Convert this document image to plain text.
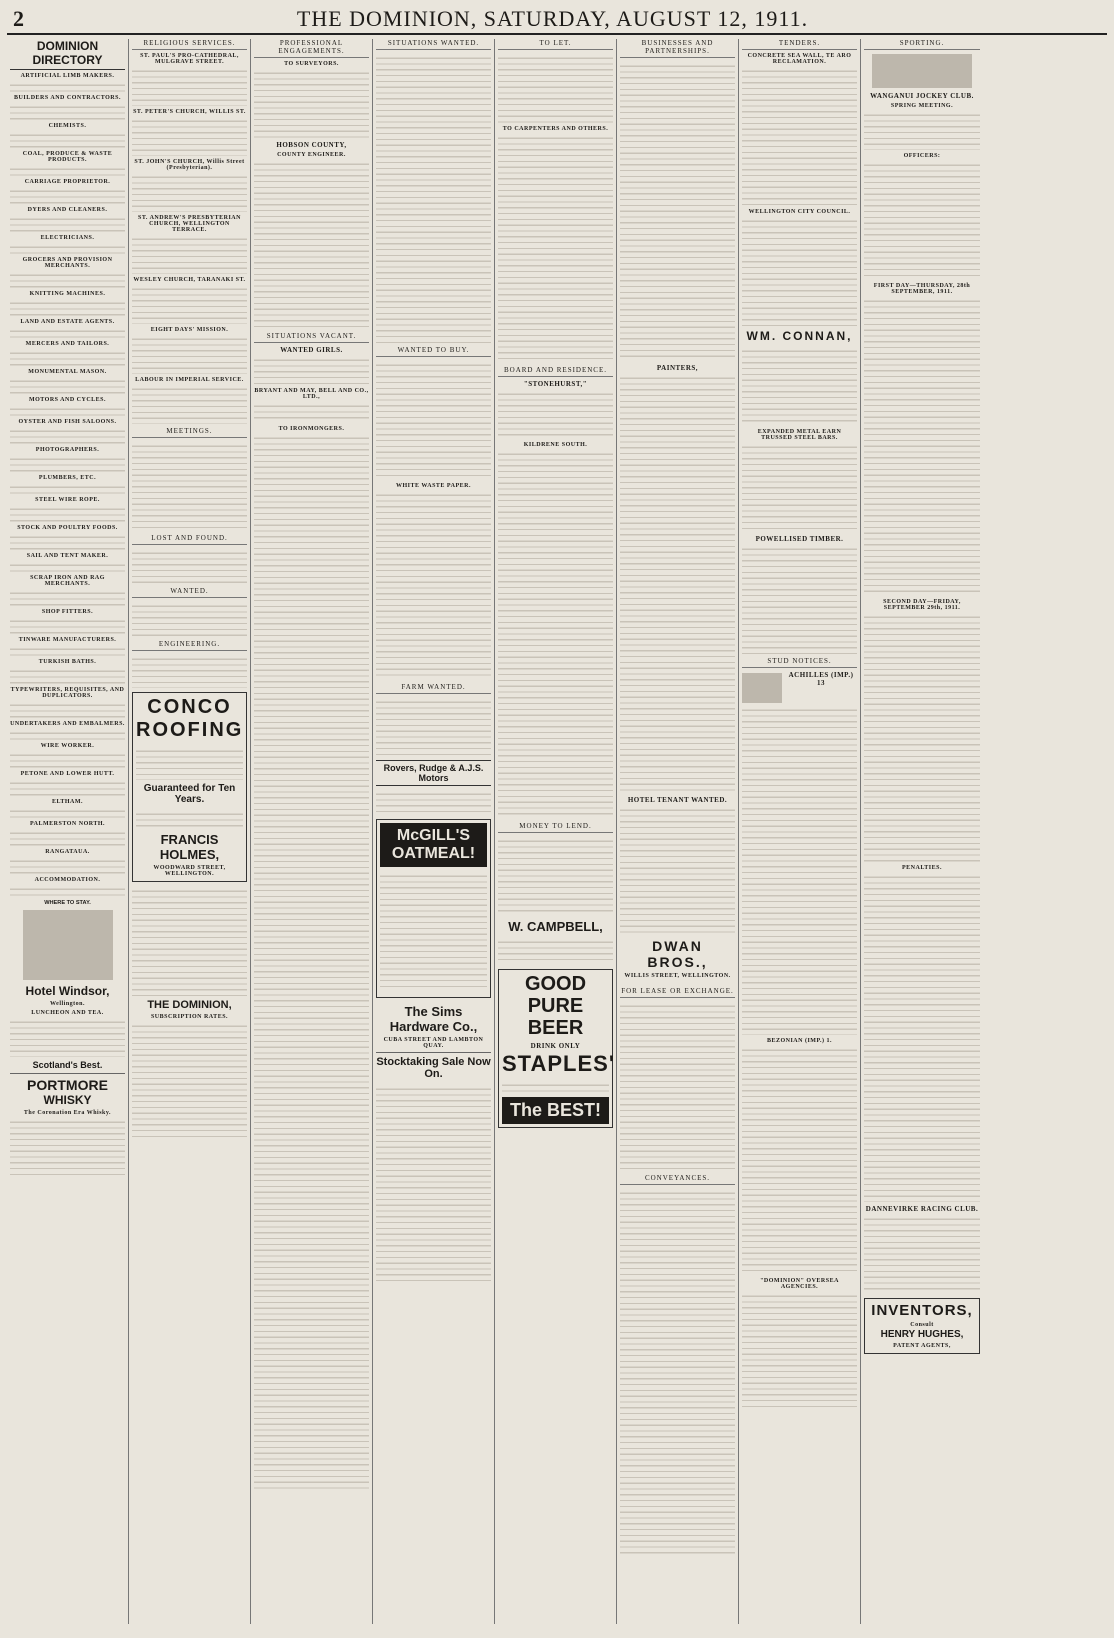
2	THE DOMINION, SATURDAY, AUGUST 12, 1911.
DOMINION DIRECTORY
ARTIFICIAL LIMB MAKERS.
BUILDERS AND CONTRACTORS.
CHEMISTS.
COAL, PRODUCE & WASTE PRODUCTS.
CARRIAGE PROPRIETOR.
DYERS AND CLEANERS.
ELECTRICIANS.
GROCERS AND PROVISION MERCHANTS.
KNITTING MACHINES.
LAND AND ESTATE AGENTS.
MERCERS AND TAILORS.
MONUMENTAL MASON.
MOTORS AND CYCLES.
OYSTER AND FISH SALOONS.
PHOTOGRAPHERS.
PLUMBERS, ETC.
STEEL WIRE ROPE.
STOCK AND POULTRY FOODS.
SAIL AND TENT MAKER.
SCRAP IRON AND RAG MERCHANTS.
SHOP FITTERS.
TINWARE MANUFACTURERS.
TURKISH BATHS.
TYPEWRITERS, REQUISITES, AND DUPLICATORS.
UNDERTAKERS AND EMBALMERS.
WIRE WORKER.
PETONE AND LOWER HUTT.
ELTHAM.
PALMERSTON NORTH.
RANGATAUA.
ACCOMMODATION.
WHERE TO STAY.
Hotel Windsor,
Wellington.
LUNCHEON AND TEA.
Scotland's Best.
PORTMORE
WHISKY
The Coronation Era Whisky.
RELIGIOUS SERVICES.
ST. PAUL'S PRO-CATHEDRAL, MULGRAVE STREET.
ST. PETER'S CHURCH, WILLIS ST.
ST. JOHN'S CHURCH, Willis Street (Presbyterian).
ST. ANDREW'S PRESBYTERIAN CHURCH, WELLINGTON TERRACE.
WESLEY CHURCH, TARANAKI ST.
EIGHT DAYS' MISSION.
LABOUR IN IMPERIAL SERVICE.
MEETINGS.
LOST AND FOUND.
WANTED.
ENGINEERING.
CONCO
ROOFING
Guaranteed for Ten Years.
FRANCIS HOLMES,
WOODWARD STREET, WELLINGTON.
THE DOMINION,
SUBSCRIPTION RATES.
PROFESSIONAL ENGAGEMENTS.
TO SURVEYORS.
HOBSON COUNTY,
COUNTY ENGINEER.
SITUATIONS VACANT.
WANTED GIRLS.
BRYANT AND MAY, BELL AND CO., LTD.,
TO IRONMONGERS.
SITUATIONS WANTED.
WANTED TO BUY.
WHITE WASTE PAPER.
FARM WANTED.
Rovers, Rudge & A.J.S. Motors
McGILL'S OATMEAL!
The Sims Hardware Co.,
CUBA STREET AND LAMBTON QUAY.
Stocktaking Sale Now On.
TO LET.
TO CARPENTERS AND OTHERS.
BOARD AND RESIDENCE.
"STONEHURST,"
KILDRENE SOUTH.
MONEY TO LEND.
W. CAMPBELL,
GOOD PURE BEER
DRINK ONLY
STAPLES'
The BEST!
BUSINESSES AND PARTNERSHIPS.
PAINTERS,
HOTEL TENANT WANTED.
DWAN BROS.,
WILLIS STREET, WELLINGTON.
FOR LEASE OR EXCHANGE.
CONVEYANCES.
TENDERS.
CONCRETE SEA WALL, TE ARO RECLAMATION.
WELLINGTON CITY COUNCIL.
WM. CONNAN,
EXPANDED METAL EARN TRUSSED STEEL BARS.
POWELLISED TIMBER.
STUD NOTICES.
ACHILLES (IMP.) 13
BEZONIAN (IMP.) 1.
"DOMINION" OVERSEA AGENCIES.
SPORTING.
WANGANUI JOCKEY CLUB.
SPRING MEETING.
OFFICERS:
FIRST DAY—THURSDAY, 28th SEPTEMBER, 1911.
SECOND DAY—FRIDAY, SEPTEMBER 29th, 1911.
PENALTIES.
DANNEVIRKE RACING CLUB.
INVENTORS,
Consult
HENRY HUGHES,
PATENT AGENTS,
